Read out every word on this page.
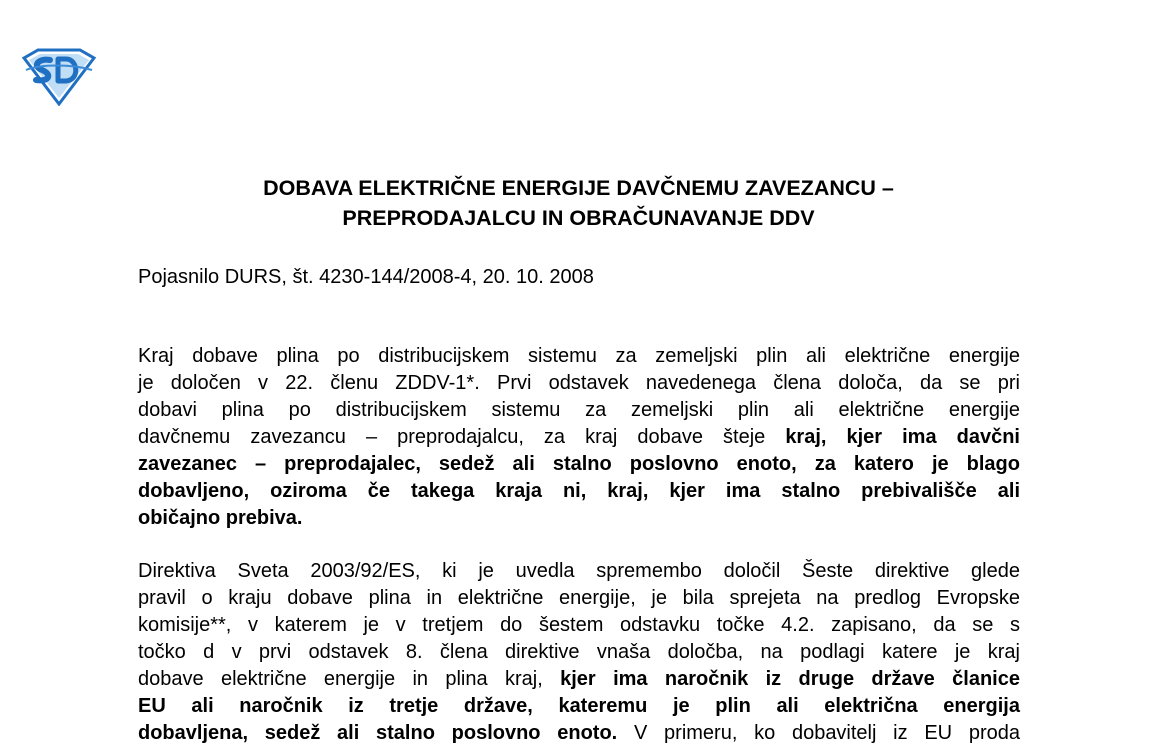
DOBAVA ELEKTRIČNE ENERGIJE DAVČNEMU ZAVEZANCU –
PREPRODAJALCU IN OBRAČUNAVANJE DDV

Pojasnilo DURS, št. 4230-144/2008-4, 20. 10. 2008

Kraj dobave plina po distribucijskem sistemu za zemeljski plin ali električne energije
je določen v 22. členu ZDDV-1*. Prvi odstavek navedenega člena določa, da se pri
dobavi plina po distribucijskem sistemu za zemeljski plin ali električne energije
davčnemu zavezancu – preprodajalcu, za kraj dobave šteje kraj, kjer ima davčni
zavezanec – preprodajalec, sedež ali stalno poslovno enoto, za katero je blago
dobavljeno, oziroma če takega kraja ni, kraj, kjer ima stalno prebivališče ali
običajno prebiva.
Direktiva Sveta 2003/92/ES, ki je uvedla spremembo določil Šeste direktive glede
pravil o kraju dobave plina in električne energije, je bila sprejeta na predlog Evropske
komisije**, v katerem je v tretjem do šestem odstavku točke 4.2. zapisano, da se s
točko d v prvi odstavek 8. člena direktive vnaša določba, na podlagi katere je kraj
dobave električne energije in plina kraj, kjer ima naročnik iz druge države članice
EU ali naročnik iz tretje države, kateremu je plin ali električna energija
dobavljena, sedež ali stalno poslovno enoto. V primeru, ko dobavitelj iz EU proda
